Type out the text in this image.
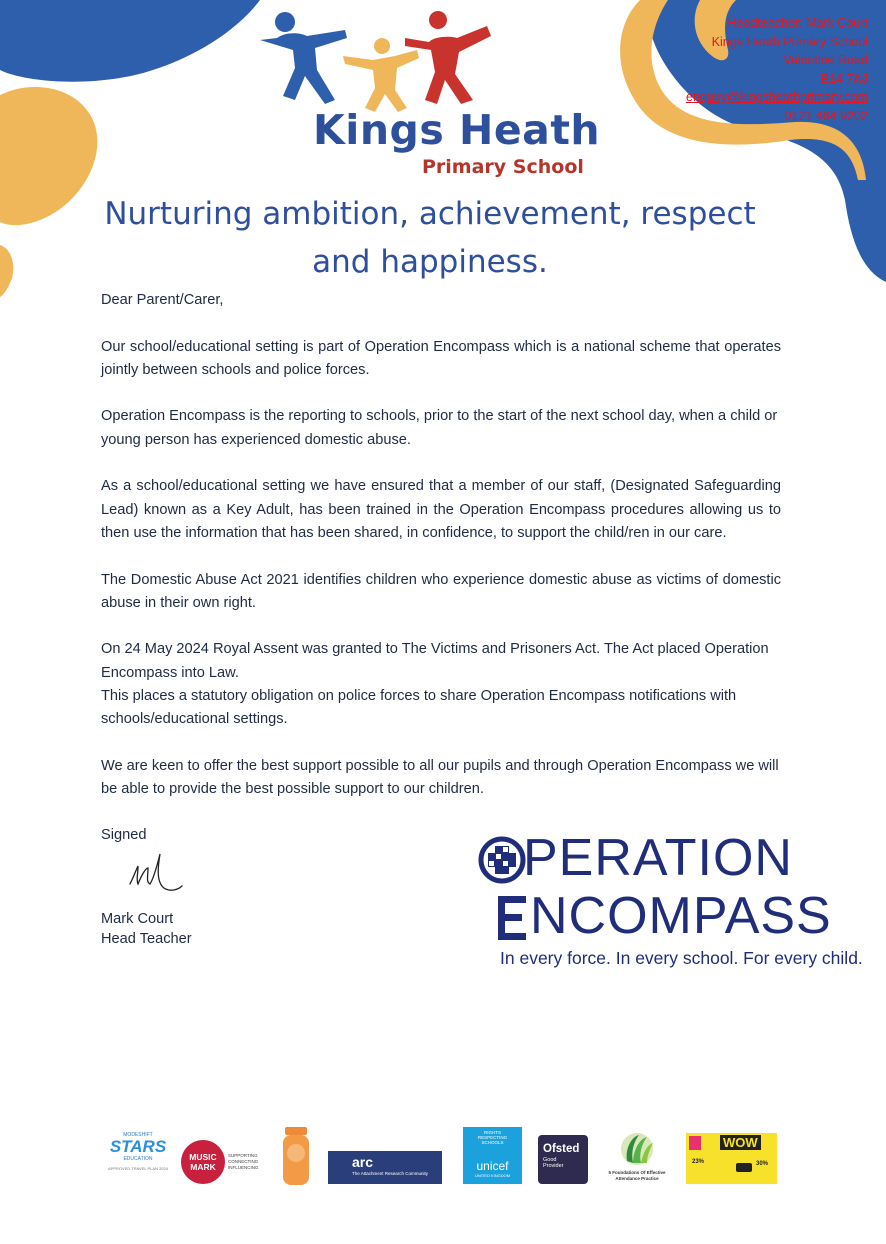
Headteacher: Mark Court
Kings Heath Primary School
Valentine Road
B14 7AJ
enquiry@kingsheathprimary.com
0121 464 9202
Kings Heath
Primary School
Nurturing ambition, achievement, respect
and happiness.

Dear Parent/Carer,

Our school/educational setting is part of Operation Encompass which is a national scheme that operates jointly between schools and police forces.

Operation Encompass is the reporting to schools, prior to the start of the next school day, when a child or young person has experienced domestic abuse.

As a school/educational setting we have ensured that a member of our staff, (Designated Safeguarding Lead) known as a Key Adult, has been trained in the Operation Encompass procedures allowing us to then use the information that has been shared, in confidence, to support the child/ren in our care.

The Domestic Abuse Act 2021 identifies children who experience domestic abuse as victims of domestic abuse in their own right.

On 24 May 2024 Royal Assent was granted to The Victims and Prisoners Act. The Act placed Operation Encompass into Law.

This places a statutory obligation on police forces to share Operation Encompass notifications with schools/educational settings.

We are keen to offer the best support possible to all our pupils and through Operation Encompass we will be able to provide the best possible support to our children.

Signed
Mark Court
Head Teacher
PERATION
NCOMPASS
In every force. In every school. For every child.
MODESHIFT
STARS
EDUCATION
APPROVED TRAVEL PLAN 2024
MUSIC
MARK
SUPPORTING CONNECTING INFLUENCING	arc
The Attachment Research Community
RIGHTS RESPECTING SCHOOLS
unicef
UNITED KINGDOM
Ofsted
Good Provider
5 Foundations Of Effective Attendance Practice
WOW
23%	30%
